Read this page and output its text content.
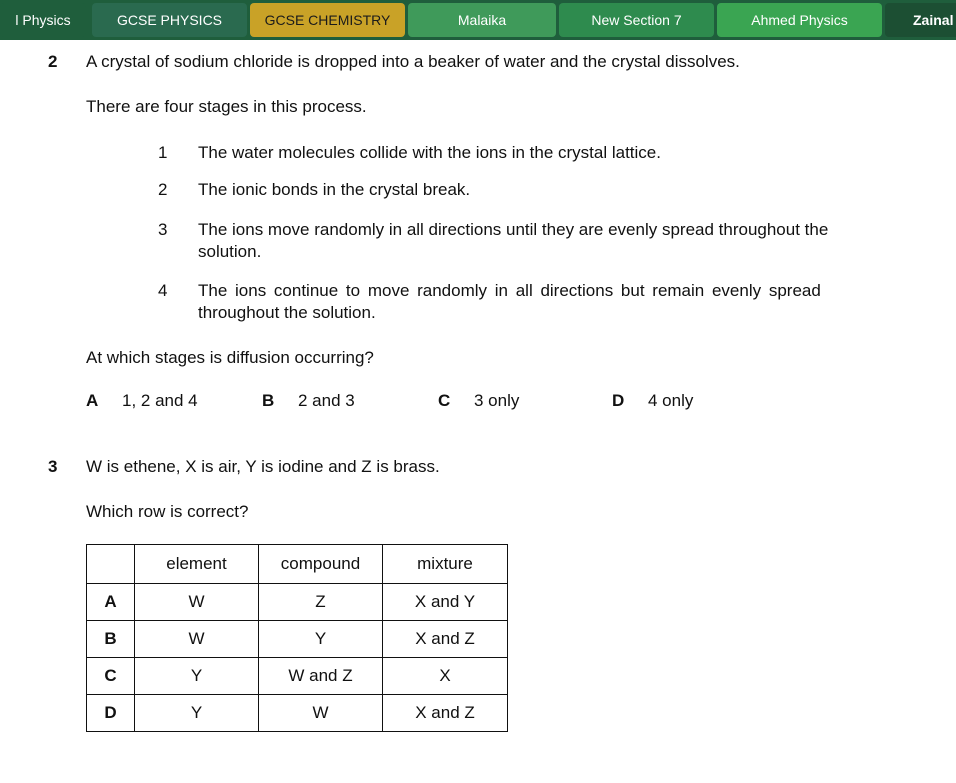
l Physics	GCSE PHYSICS	GCSE CHEMISTRY	Malaika	New Section 7	Ahmed Physics	Zainal
2 A crystal of sodium chloride is dropped into a beaker of water and the crystal dissolves.
There are four stages in this process.
1 The water molecules collide with the ions in the crystal lattice.
2 The ionic bonds in the crystal break.
3 The ions move randomly in all directions until they are evenly spread throughout the
solution.
4 The ions continue to move randomly in all directions but remain evenly spread
throughout the solution.
At which stages is diffusion occurring?
A 1, 2 and 4	B 2 and 3	C 3 only	D 4 only
3 W is ethene, X is air, Y is iodine and Z is brass.
Which row is correct?
	element	compound	mixture
A	W	Z	X and Y
B	W	Y	X and Z
C	Y	W and Z	X
D	Y	W	X and Z
